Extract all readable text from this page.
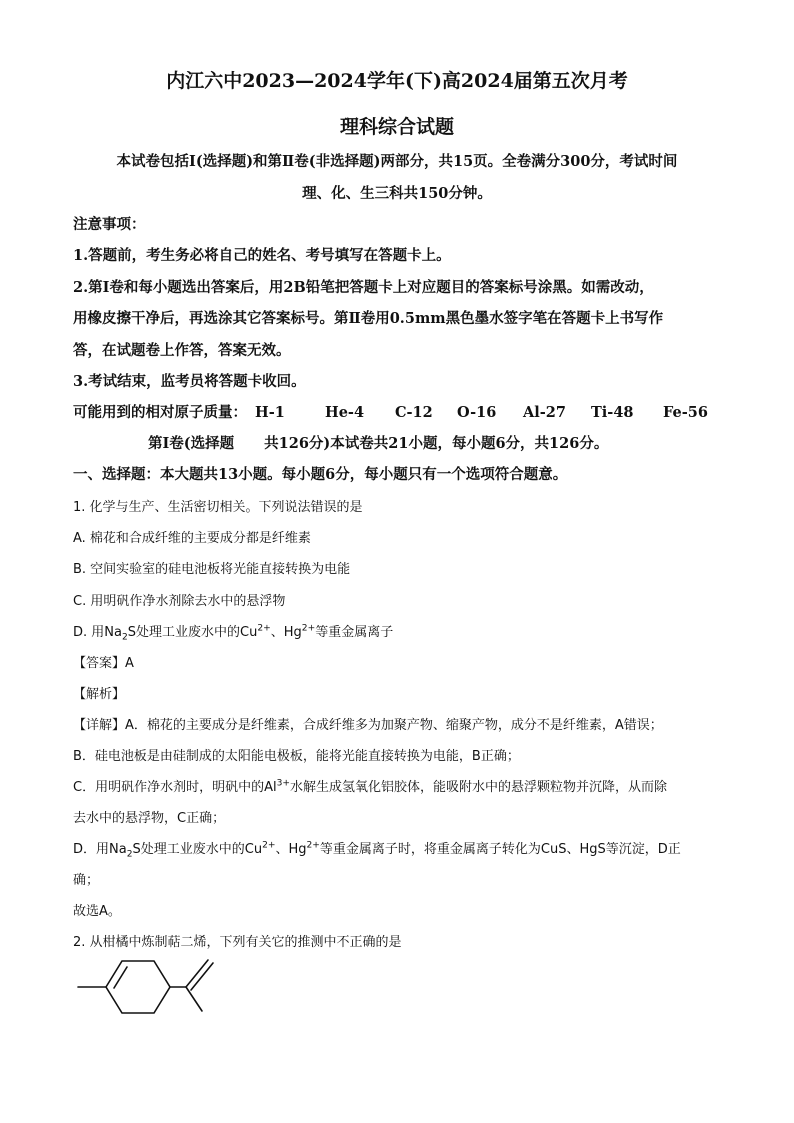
内江六中2023—2024学年(下)高2024届第五次月考
理科综合试题
本试卷包括Ⅰ(选择题)和第Ⅱ卷(非选择题)两部分，共15页。全卷满分300分，考试时间
理、化、生三科共150分钟。
注意事项：
1.答题前，考生务必将自己的姓名、考号填写在答题卡上。
2.第Ⅰ卷和每小题选出答案后，用2B铅笔把答题卡上对应题目的答案标号涂黑。如需改动，
用橡皮擦干净后，再选涂其它答案标号。第Ⅱ卷用0.5mm黑色墨水签字笔在答题卡上书写作
答，在试题卷上作答，答案无效。
3.考试结束，监考员将答题卡收回。
可能用到的相对原子质量： H-1	He-4 C-12 O-16 Al-27 Ti-48 Fe-56
第Ⅰ卷(选择题 共126分)本试卷共21小题，每小题6分，共126分。
一、选择题：本大题共13小题。每小题6分，每小题只有一个选项符合题意。
1. 化学与生产、生活密切相关。下列说法错误的是
A. 棉花和合成纤维的主要成分都是纤维素
B. 空间实验室的硅电池板将光能直接转换为电能
C. 用明矾作净水剂除去水中的悬浮物
D. 用$Na_2S$处理工业废水中的$Cu^{2+}$、$Hg^{2+}$等重金属离子
【答案】A
【解析】
【详解】A．棉花的主要成分是纤维素，合成纤维多为加聚产物、缩聚产物，成分不是纤维素，A错误；
B．硅电池板是由硅制成的太阳能电极板，能将光能直接转换为电能，B正确；
C．用明矾作净水剂时，明矾中的$Al^{3+}$水解生成氢氧化铝胶体，能吸附水中的悬浮颗粒物并沉降，从而除
去水中的悬浮物，C正确；
D．用$Na_2S$处理工业废水中的$Cu^{2+}$、$Hg^{2+}$等重金属离子时，将重金属离子转化为CuS、HgS等沉淀，D正
确；
故选A。
2. 从柑橘中炼制萜二烯，下列有关它的推测中不正确的是
